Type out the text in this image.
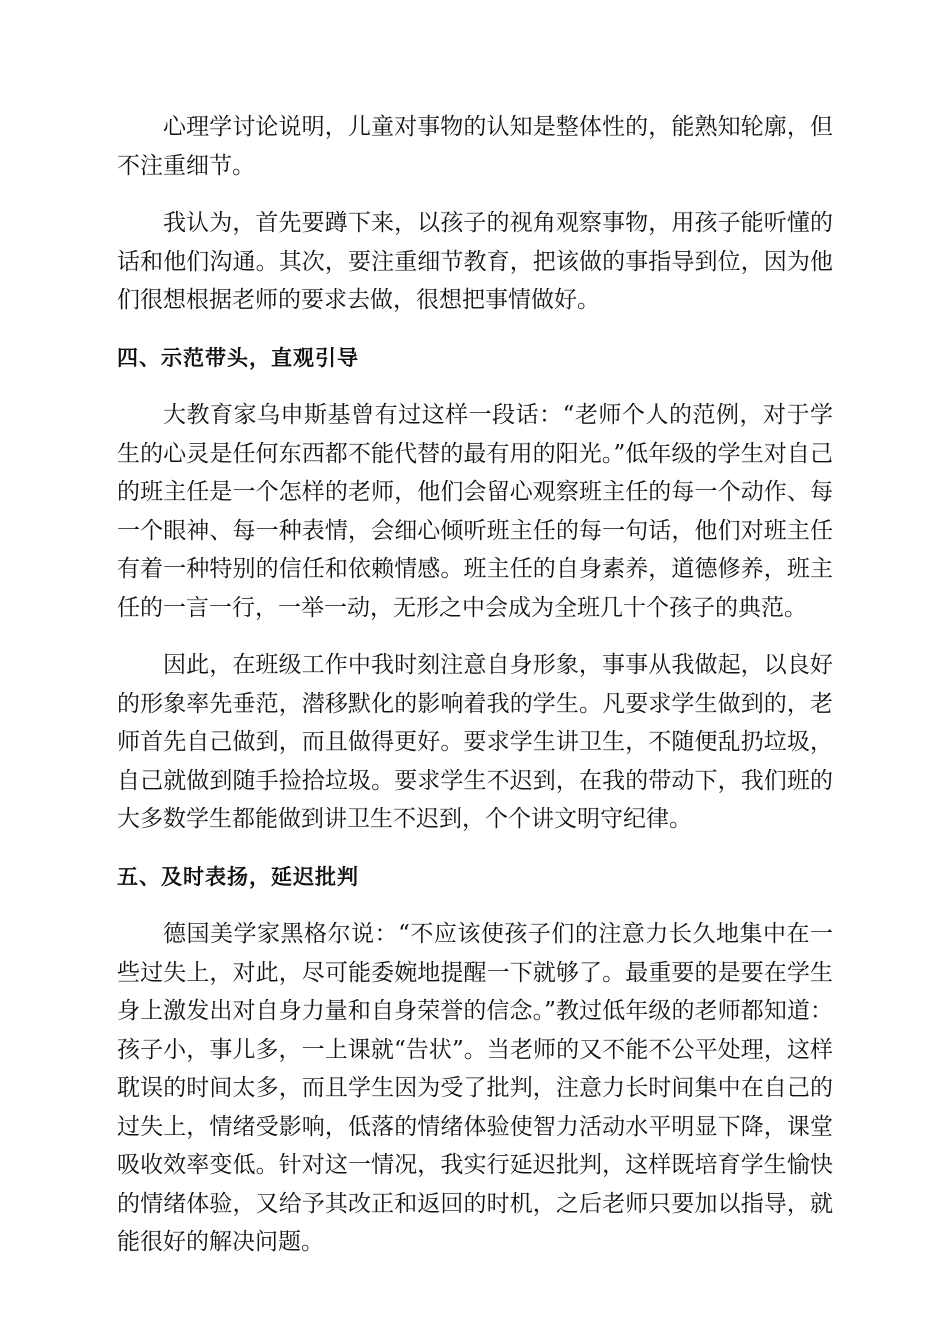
心理学讨论说明，儿童对事物的认知是整体性的，能熟知轮廓，但不注重细节。

我认为，首先要蹲下来，以孩子的视角观察事物，用孩子能听懂的话和他们沟通。其次，要注重细节教育，把该做的事指导到位，因为他们很想根据老师的要求去做，很想把事情做好。

四、示范带头，直观引导

大教育家乌申斯基曾有过这样一段话：“老师个人的范例，对于学生的心灵是任何东西都不能代替的最有用的阳光。”低年级的学生对自己的班主任是一个怎样的老师，他们会留心观察班主任的每一个动作、每一个眼神、每一种表情，会细心倾听班主任的每一句话，他们对班主任有着一种特别的信任和依赖情感。班主任的自身素养，道德修养，班主任的一言一行，一举一动，无形之中会成为全班几十个孩子的典范。

因此，在班级工作中我时刻注意自身形象，事事从我做起，以良好的形象率先垂范，潜移默化的影响着我的学生。凡要求学生做到的，老师首先自己做到，而且做得更好。要求学生讲卫生，不随便乱扔垃圾，自己就做到随手捡拾垃圾。要求学生不迟到，在我的带动下，我们班的大多数学生都能做到讲卫生不迟到，个个讲文明守纪律。

五、及时表扬，延迟批判

德国美学家黑格尔说：“不应该使孩子们的注意力长久地集中在一些过失上，对此，尽可能委婉地提醒一下就够了。最重要的是要在学生身上激发出对自身力量和自身荣誉的信念。”教过低年级的老师都知道：孩子小，事儿多，一上课就“告状”。当老师的又不能不公平处理，这样耽误的时间太多，而且学生因为受了批判，注意力长时间集中在自己的过失上，情绪受影响，低落的情绪体验使智力活动水平明显下降，课堂吸收效率变低。针对这一情况，我实行延迟批判，这样既培育学生愉快的情绪体验，又给予其改正和返回的时机，之后老师只要加以指导，就能很好的解决问题。
